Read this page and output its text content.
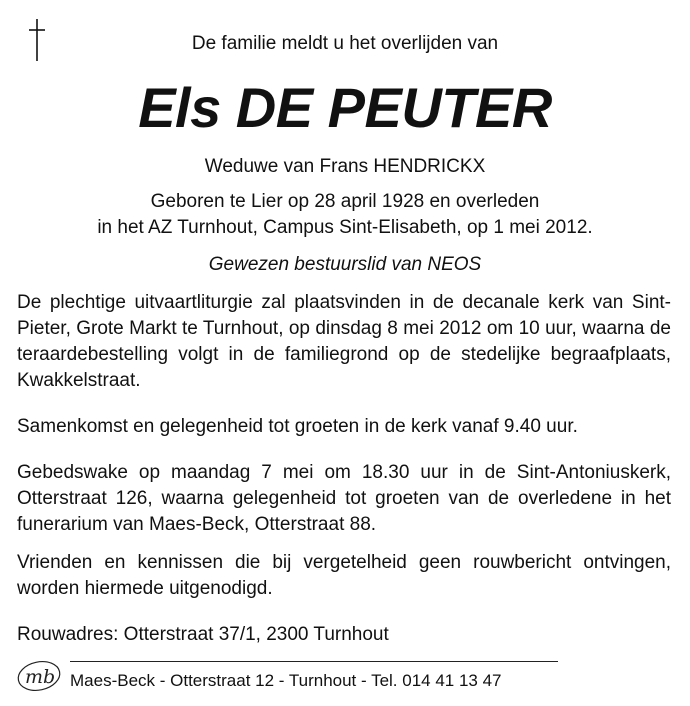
De familie meldt u het overlijden van
Els DE PEUTER
Weduwe van Frans HENDRICKX
Geboren te Lier op 28 april 1928 en overleden
in het AZ Turnhout, Campus Sint-Elisabeth, op 1 mei 2012.
Gewezen bestuurslid van NEOS
De plechtige uitvaartliturgie zal plaatsvinden in de decanale kerk van Sint-Pieter, Grote Markt te Turnhout, op dinsdag 8 mei 2012 om 10 uur, waarna de teraardebestelling volgt in de familiegrond op de stedelijke begraafplaats, Kwakkelstraat.
Samenkomst en gelegenheid tot groeten in de kerk vanaf 9.40 uur.
Gebedswake op maandag 7 mei om 18.30 uur in de Sint-Antoniuskerk, Otterstraat 126, waarna gelegenheid tot groeten van de overledene in het funerarium van Maes-Beck, Otterstraat 88.
Vrienden en kennissen die bij vergetelheid geen rouwbericht ontvingen, worden hiermede uitgenodigd.
Rouwadres: Otterstraat 37/1, 2300 Turnhout
mb Maes-Beck - Otterstraat 12 - Turnhout - Tel. 014 41 13 47
